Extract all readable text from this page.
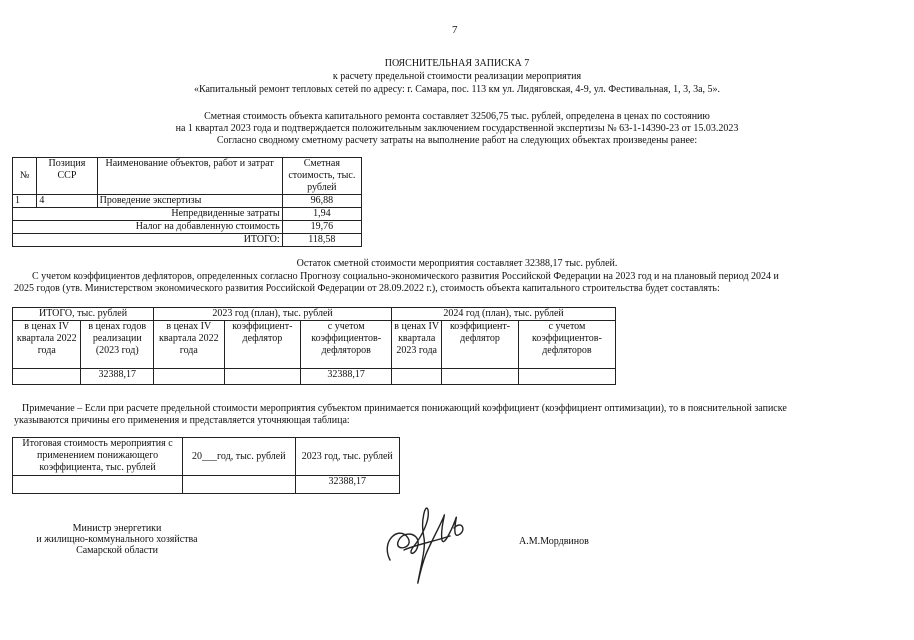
7
ПОЯСНИТЕЛЬНАЯ ЗАПИСКА 7
к расчету предельной стоимости реализации мероприятия
«Капитальный ремонт тепловых сетей по адресу: г. Самара, пос. 113 км ул. Лидяговская, 4-9, ул. Фестивальная, 1, 3, 3а, 5».
Сметная стоимость объекта капитального ремонта составляет 32506,75 тыс. рублей, определена в ценах по состоянию
на 1 квартал 2023 года и подтверждается положительным заключением государственной экспертизы № 63-1-14390-23 от 15.03.2023
Согласно сводному сметному расчету затраты на выполнение работ на следующих объектах произведены ранее:
№	Позиция ССР	Наименование объектов, работ и затрат	Сметная стоимость, тыс. рублей
1	4	Проведение экспертизы	96,88
Непредвиденные затраты			1,94
Налог на добавленную стоимость			19,76
ИТОГО:			118,58
Остаток сметной стоимости мероприятия составляет 32388,17 тыс. рублей.
С учетом коэффициентов дефляторов, определенных согласно Прогнозу социально-экономического развития Российской Федерации на 2023 год и на плановый период 2024 и
2025 годов (утв. Министерством экономического развития Российской Федерации от 28.09.2022 г.), стоимость объекта капитального строительства будет составлять:
ИТОГО, тыс. рублей		2023 год (план), тыс. рублей			2024 год (план), тыс. рублей		
в ценах IV квартала 2022 года	в ценах годов реализации (2023 год)	в ценах IV квартала 2022 года	коэффициент-дефлятор	с учетом коэффициентов-дефляторов	в ценах IV квартала 2023 года	коэффициент-дефлятор	с учетом коэффициентов-дефляторов
	32388,17			32388,17			
Примечание – Если при расчете предельной стоимости мероприятия субъектом принимается понижающий коэффициент (коэффициент оптимизации), то в пояснительной записке
указываются причины его применения и представляется уточняющая таблица:
Итоговая стоимость мероприятия с применением понижающего коэффициента, тыс. рублей	20___год, тыс. рублей	2023 год, тыс. рублей
		32388,17
Министр энергетики
и жилищно-коммунального хозяйства
Самарской области
А.М.Мордвинов
